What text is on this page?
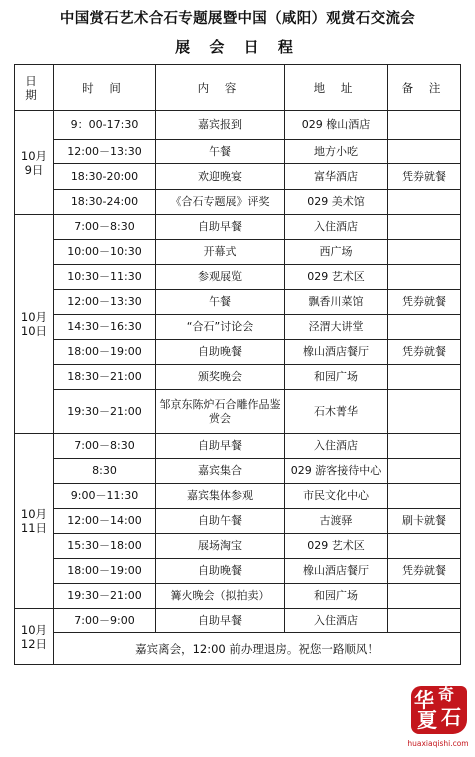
中国赏石艺术合石专题展暨中国（咸阳）观赏石交流会
展 会 日 程
日
期	时 间	内 容	地 址	备 注
10月
9日	9：00-17:30	嘉宾报到	029 橡山酒店	
	12:00－13:30	午餐	地方小吃	
	18:30-20:00	欢迎晚宴	富华酒店	凭券就餐
	18:30-24:00	《合石专题展》评奖	029 美术馆	
10月
10日	7:00－8:30	自助早餐	入住酒店	
	10:00－10:30	开幕式	西广场	
	10:30－11:30	参观展览	029 艺术区	
	12:00－13:30	午餐	飘香川菜馆	凭券就餐
	14:30－16:30	“合石”讨论会	泾渭大讲堂	
	18:00－19:00	自助晚餐	橡山酒店餐厅	凭券就餐
	18:30－21:00	颁奖晚会	和园广场	
	19:30－21:00	邹京东陈炉石合雕作品鉴赏会	石木菁华	
10月
11日	7:00－8:30	自助早餐	入住酒店	
	8:30	嘉宾集合	029 游客接待中心	
	9:00－11:30	嘉宾集体参观	市民文化中心	
	12:00－14:00	自助午餐	古渡驿	刷卡就餐
	15:30－18:00	展场淘宝	029 艺术区	
	18:00－19:00	自助晚餐	橡山酒店餐厅	凭券就餐
	19:30－21:00	篝火晚会（拟拍卖）	和园广场	
10月
12日	7:00－9:00	自助早餐	入住酒店	
	嘉宾离会，12:00 前办理退房。祝您一路顺风！			
华 奇
夏 石
huaxiaqishi.com
